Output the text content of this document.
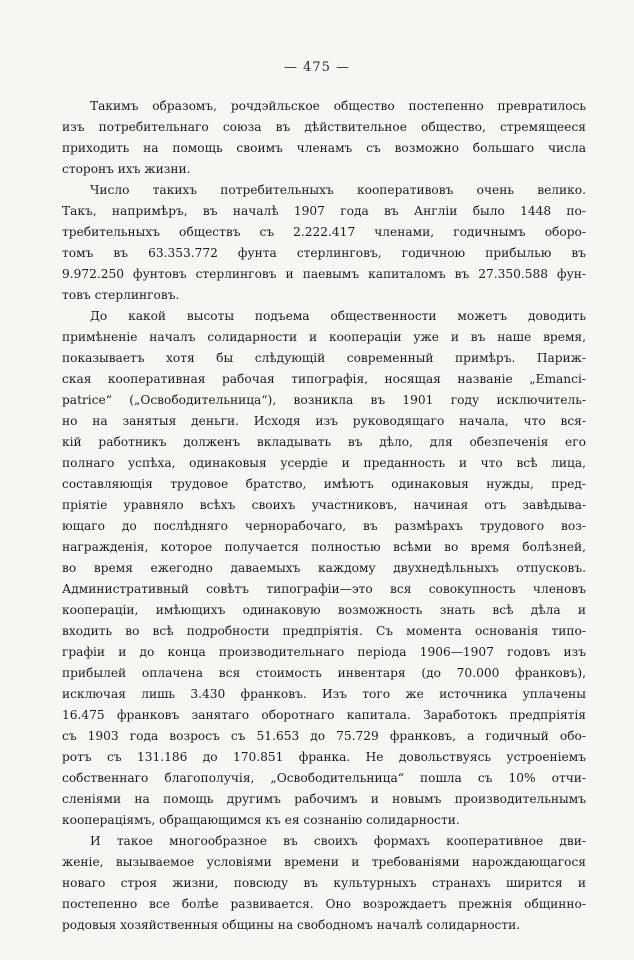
— 475 —
Такимъ образомъ, рочдэйльское общество постепенно превратилось
изъ потребительнаго союза въ дѣйствительное общество, стремящееся
приходить на помощь своимъ членамъ съ возможно большаго числа
сторонъ ихъ жизни.
Число такихъ потребительныхъ кооперативовъ очень велико.
Такъ, напримѣръ, въ началѣ 1907 года въ Англіи было 1448 по-
требительныхъ обществъ съ 2.222.417 членами, годичнымъ оборо-
томъ въ 63.353.772 фунта стерлинговъ, годичною прибылью въ
9.972.250 фунтовъ стерлинговъ и паевымъ капиталомъ въ 27.350.588 фун-
товъ стерлинговъ.
До какой высоты подъема общественности можетъ доводить
примѣненіе началъ солидарности и коопераціи уже и въ наше время,
показываетъ хотя бы слѣдующій современный примѣръ. Париж-
ская кооперативная рабочая типографія, носящая названіе „Emanci-
patrice“ („Освободительница“), возникла въ 1901 году исключитель-
но на занятыя деньги. Исходя изъ руководящаго начала, что вся-
кій работникъ долженъ вкладывать въ дѣло, для обезпеченія его
полнаго успѣха, одинаковыя усердіе и преданность и что всѣ лица,
составляющія трудовое братство, имѣютъ одинаковыя нужды, пред-
пріятіе уравняло всѣхъ своихъ участниковъ, начиная отъ завѣдыва-
ющаго до послѣдняго чернорабочаго, въ размѣрахъ трудового воз-
награжденія, которое получается полностью всѣми во время болѣзней,
во время ежегодно даваемыхъ каждому двухнедѣльныхъ отпусковъ.
Административный совѣтъ типографіи—это вся совокупность членовъ
коопераціи, имѣющихъ одинаковую возможность знать всѣ дѣла и
входить во всѣ подробности предпріятія. Съ момента основанія типо-
графіи и до конца производительнаго періода 1906—1907 годовъ изъ
прибылей оплачена вся стоимость инвентаря (до 70.000 франковъ),
исключая лишь 3.430 франковъ. Изъ того же источника уплачены
16.475 франковъ занятаго оборотнаго капитала. Заработокъ предпріятія
съ 1903 года возросъ съ 51.653 до 75.729 франковъ, а годичный обо-
ротъ съ 131.186 до 170.851 франка. Не довольствуясь устроеніемъ
собственнаго благополучія, „Освободительница“ пошла съ 10% отчи-
сленіями на помощь другимъ рабочимъ и новымъ производительнымъ
коопераціямъ, обращающимся къ ея сознанію солидарности.
И такое многообразное въ своихъ формахъ кооперативное дви-
женіе, вызываемое условіями времени и требованіями нарождающагося
новаго строя жизни, повсюду въ культурныхъ странахъ ширится и
постепенно все болѣе развивается. Оно возрождаетъ прежнія общинно-
родовыя хозяйственныя общины на свободномъ началѣ солидарности.
